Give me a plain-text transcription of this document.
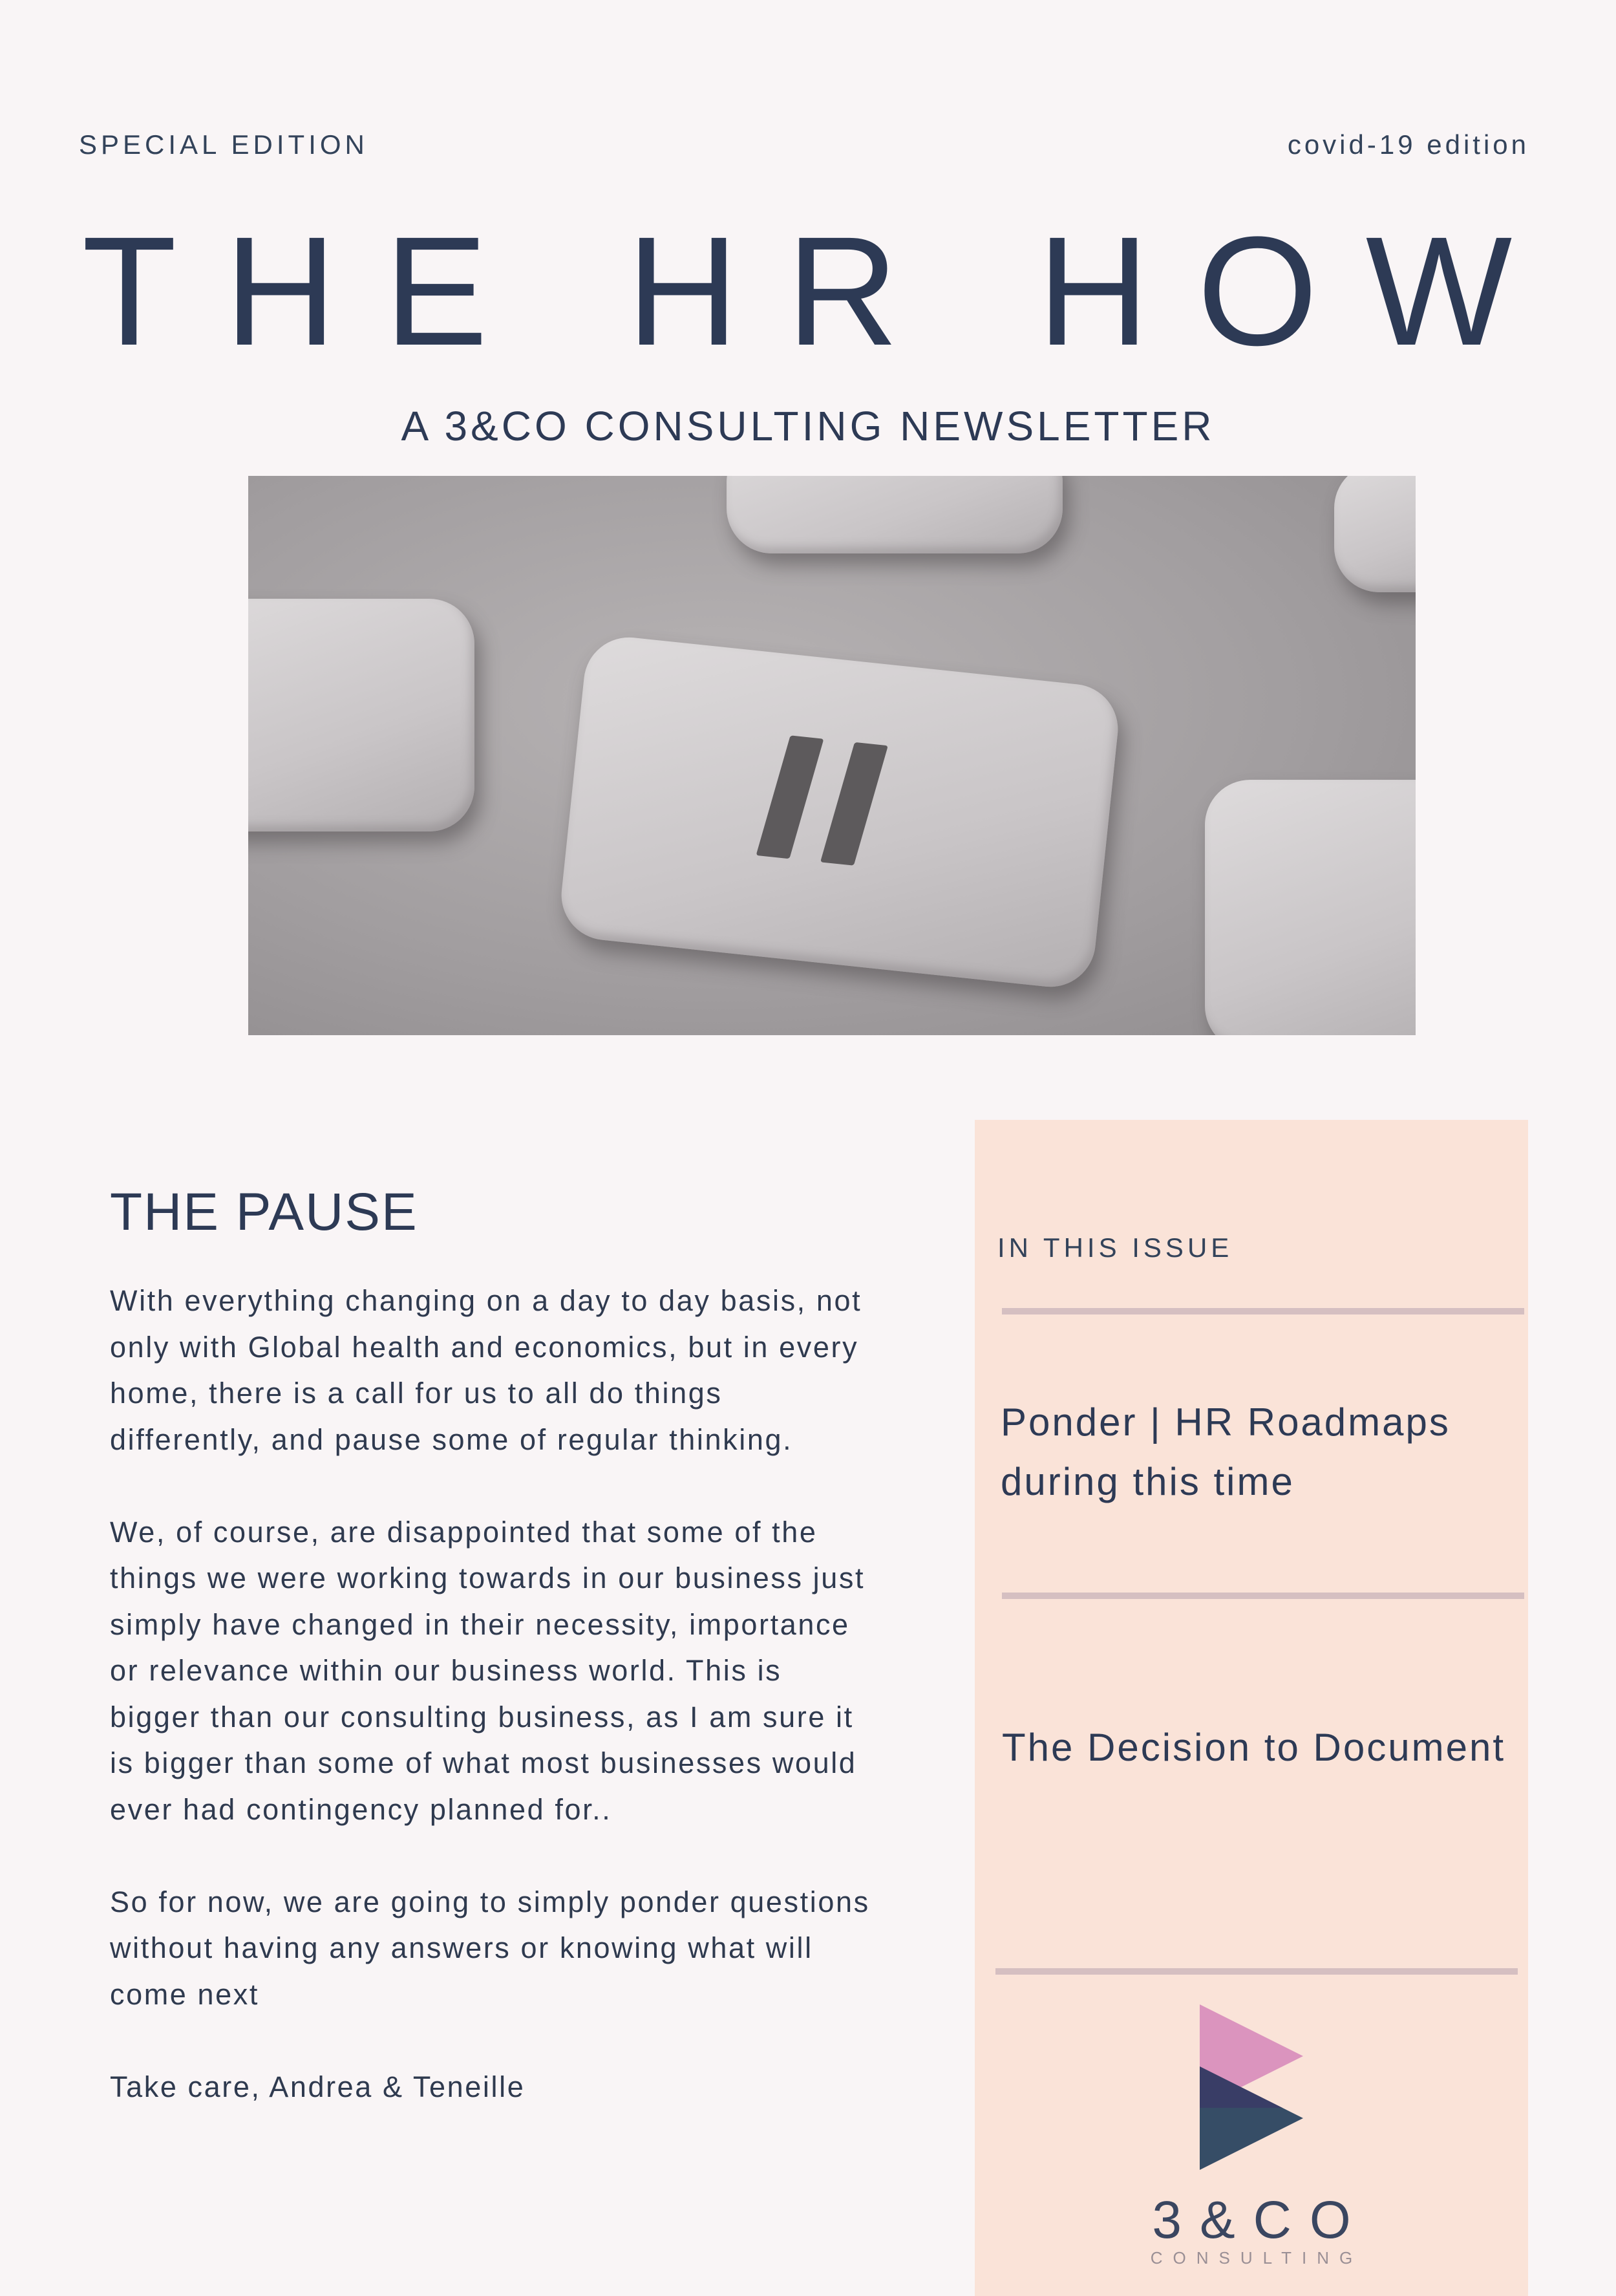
SPECIAL EDITION	covid-19 edition
THE HR HOW
A 3&CO CONSULTING NEWSLETTER
THE PAUSE

With everything changing on a day to day basis, not
only with Global health and economics, but in every
home, there is a call for us to all do things
differently, and pause some of regular thinking.

We, of course, are disappointed that some of the
things we were working towards in our business just
simply have changed in their necessity, importance
or relevance within our business world. This is
bigger than our consulting business, as I am sure it
is bigger than some of what most businesses would
ever had contingency planned for..

So for now, we are going to simply ponder questions
without having any answers or knowing what will
come next

Take care, Andrea & Teneille

IN THIS ISSUE
Ponder | HR Roadmaps
during this time
The Decision to Document
3&CO
CONSULTING
